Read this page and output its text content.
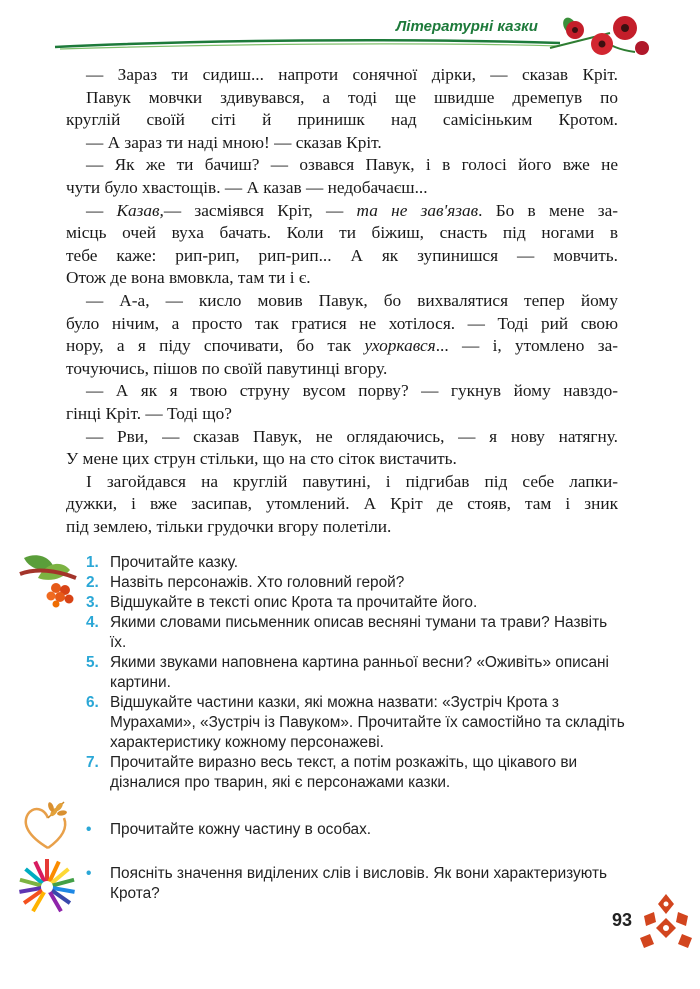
Літературні казки
— Зараз ти сидиш... напроти сонячної дірки, — сказав Кріт.
Павук мовчки здивувався, а тоді ще швидше дремепув по
круглій своїй сіті й принишк над самісіньким Кротом.
— А зараз ти наді мною! — сказав Кріт.
— Як же ти бачиш? — озвався Павук, і в голосі його вже не
чути було хвастощів. — А казав — недобачаєш...
— Казав,— засміявся Кріт, — та не зав'язав. Бо в мене за-
місць очей вуха бачать. Коли ти біжиш, снасть під ногами в
тебе каже: рип-рип, рип-рип... А як зупинишся — мовчить.
Отож де вона вмовкла, там ти і є.
— А-а, — кисло мовив Павук, бо вихвалятися тепер йому
було нічим, а просто так гратися не хотілося. — Тоді рий свою
нору, а я піду спочивати, бо так ухоркався... — і, утомлено за-
точуючись, пішов по своїй павутинці вгору.
— А як я твою струну вусом порву? — гукнув йому навздо-
гінці Кріт. — Тоді що?
— Рви, — сказав Павук, не оглядаючись, — я нову натягну.
У мене цих струн стільки, що на сто сіток вистачить.
І загойдався на круглій павутині, і підгибав під себе лапки-
дужки, і вже засипав, утомлений. А Кріт де стояв, там і зник
під землею, тільки грудочки вгору полетіли.
1. Прочитайте казку.
2. Назвіть персонажів. Хто головний герой?
3. Відшукайте в тексті опис Крота та прочитайте його.
4. Якими словами письменник описав весняні тумани та трави? Назвіть їх.
5. Якими звуками наповнена картина ранньої весни? «Оживіть» описані картини.
6. Відшукайте частини казки, які можна назвати: «Зустріч Крота з Мурахами», «Зустріч із Павуком». Прочитайте їх самостійно та складіть характеристику кожному персонажеві.
7. Прочитайте виразно весь текст, а потім розкажіть, що цікавого ви дізналися про тварин, які є персонажами казки.
•	Прочитайте кожну частину в особах.
•	Поясніть значення виділених слів і висловів. Як вони характеризують Крота?
93
